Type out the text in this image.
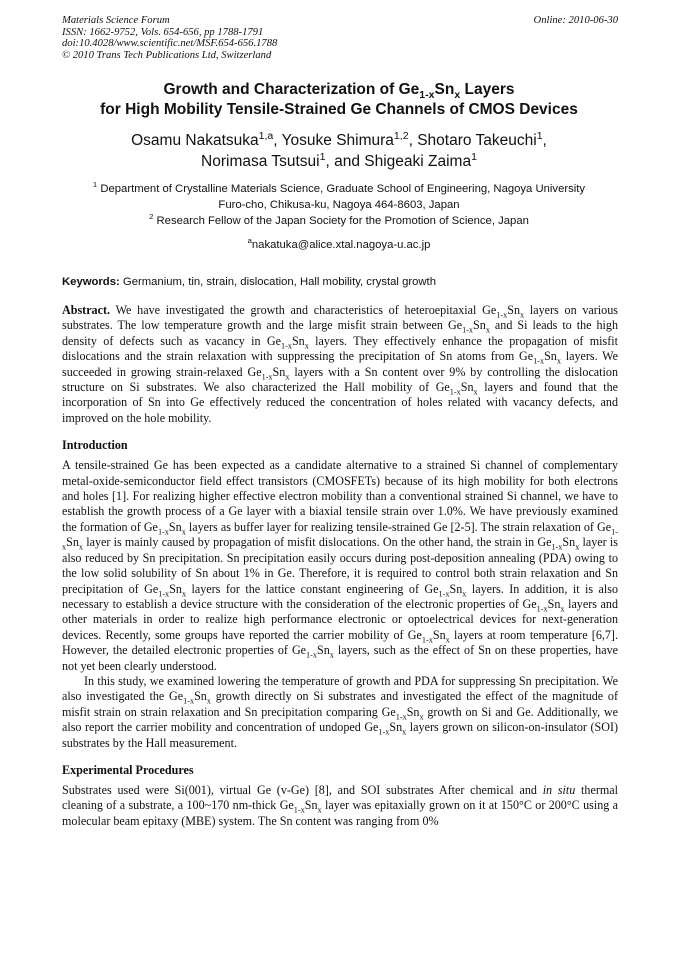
Materials Science Forum
ISSN: 1662-9752, Vols. 654-656, pp 1788-1791
doi:10.4028/www.scientific.net/MSF.654-656.1788
© 2010 Trans Tech Publications Ltd, Switzerland
Online: 2010-06-30
Growth and Characterization of $Ge_{1-x}Sn_x$ Layers
for High Mobility Tensile-Strained Ge Channels of CMOS Devices
Osamu Nakatsuka$^{1,a}$, Yosuke Shimura$^{1,2}$, Shotaro Takeuchi$^1$,
Norimasa Tsutsui$^1$, and Shigeaki Zaima$^1$
$^1$ Department of Crystalline Materials Science, Graduate School of Engineering, Nagoya University
Furo-cho, Chikusa-ku, Nagoya 464-8603, Japan
$^2$ Research Fellow of the Japan Society for the Promotion of Science, Japan
$^a$nakatuka@alice.xtal.nagoya-u.ac.jp
Keywords: Germanium, tin, strain, dislocation, Hall mobility, crystal growth

Abstract. We have investigated the growth and characteristics of heteroepitaxial $Ge_{1-x}Sn_x$ layers on various substrates. The low temperature growth and the large misfit strain between $Ge_{1-x}Sn_x$ and Si leads to the high density of defects such as vacancy in $Ge_{1-x}Sn_x$ layers. They effectively enhance the propagation of misfit dislocations and the strain relaxation with suppressing the precipitation of Sn atoms from $Ge_{1-x}Sn_x$ layers. We succeeded in growing strain-relaxed $Ge_{1-x}Sn_x$ layers with a Sn content over 9% by controlling the dislocation structure on Si substrates. We also characterized the Hall mobility of $Ge_{1-x}Sn_x$ layers and found that the incorporation of Sn into Ge effectively reduced the concentration of holes related with vacancy defects, and improved on the hole mobility.

Introduction

A tensile-strained Ge has been expected as a candidate alternative to a strained Si channel of complementary metal-oxide-semiconductor field effect transistors (CMOSFETs) because of its high mobility for both electrons and holes [1]. For realizing higher effective electron mobility than a conventional strained Si channel, we have to establish the growth process of a Ge layer with a biaxial tensile strain over 1.0%. We have previously examined the formation of $Ge_{1-x}Sn_x$ layers as buffer layer for realizing tensile-strained Ge [2-5]. The strain relaxation of $Ge_{1-x}Sn_x$ layer is mainly caused by propagation of misfit dislocations. On the other hand, the strain in $Ge_{1-x}Sn_x$ layer is also reduced by Sn precipitation. Sn precipitation easily occurs during post-deposition annealing (PDA) owing to the low solid solubility of Sn about 1% in Ge. Therefore, it is required to control both strain relaxation and Sn precipitation of $Ge_{1-x}Sn_x$ layers for the lattice constant engineering of $Ge_{1-x}Sn_x$ layers. In addition, it is also necessary to establish a device structure with the consideration of the electronic properties of $Ge_{1-x}Sn_x$ layers and other materials in order to realize high performance electronic or optoelectrical devices for next-generation devices. Recently, some groups have reported the carrier mobility of $Ge_{1-x}Sn_x$ layers at room temperature [6,7]. However, the detailed electronic properties of $Ge_{1-x}Sn_x$ layers, such as the effect of Sn on these properties, have not yet been clearly understood.

In this study, we examined lowering the temperature of growth and PDA for suppressing Sn precipitation. We also investigated the $Ge_{1-x}Sn_x$ growth directly on Si substrates and investigated the effect of the magnitude of misfit strain on strain relaxation and Sn precipitation comparing $Ge_{1-x}Sn_x$ growth on Si and Ge. Additionally, we also report the carrier mobility and concentration of undoped $Ge_{1-x}Sn_x$ layers grown on silicon-on-insulator (SOI) substrates by the Hall measurement.

Experimental Procedures

Substrates used were Si(001), virtual Ge (v-Ge) [8], and SOI substrates After chemical and in situ thermal cleaning of a substrate, a 100~170 nm-thick $Ge_{1-x}Sn_x$ layer was epitaxially grown on it at 150°C or 200°C using a molecular beam epitaxy (MBE) system. The Sn content was ranging from 0%
